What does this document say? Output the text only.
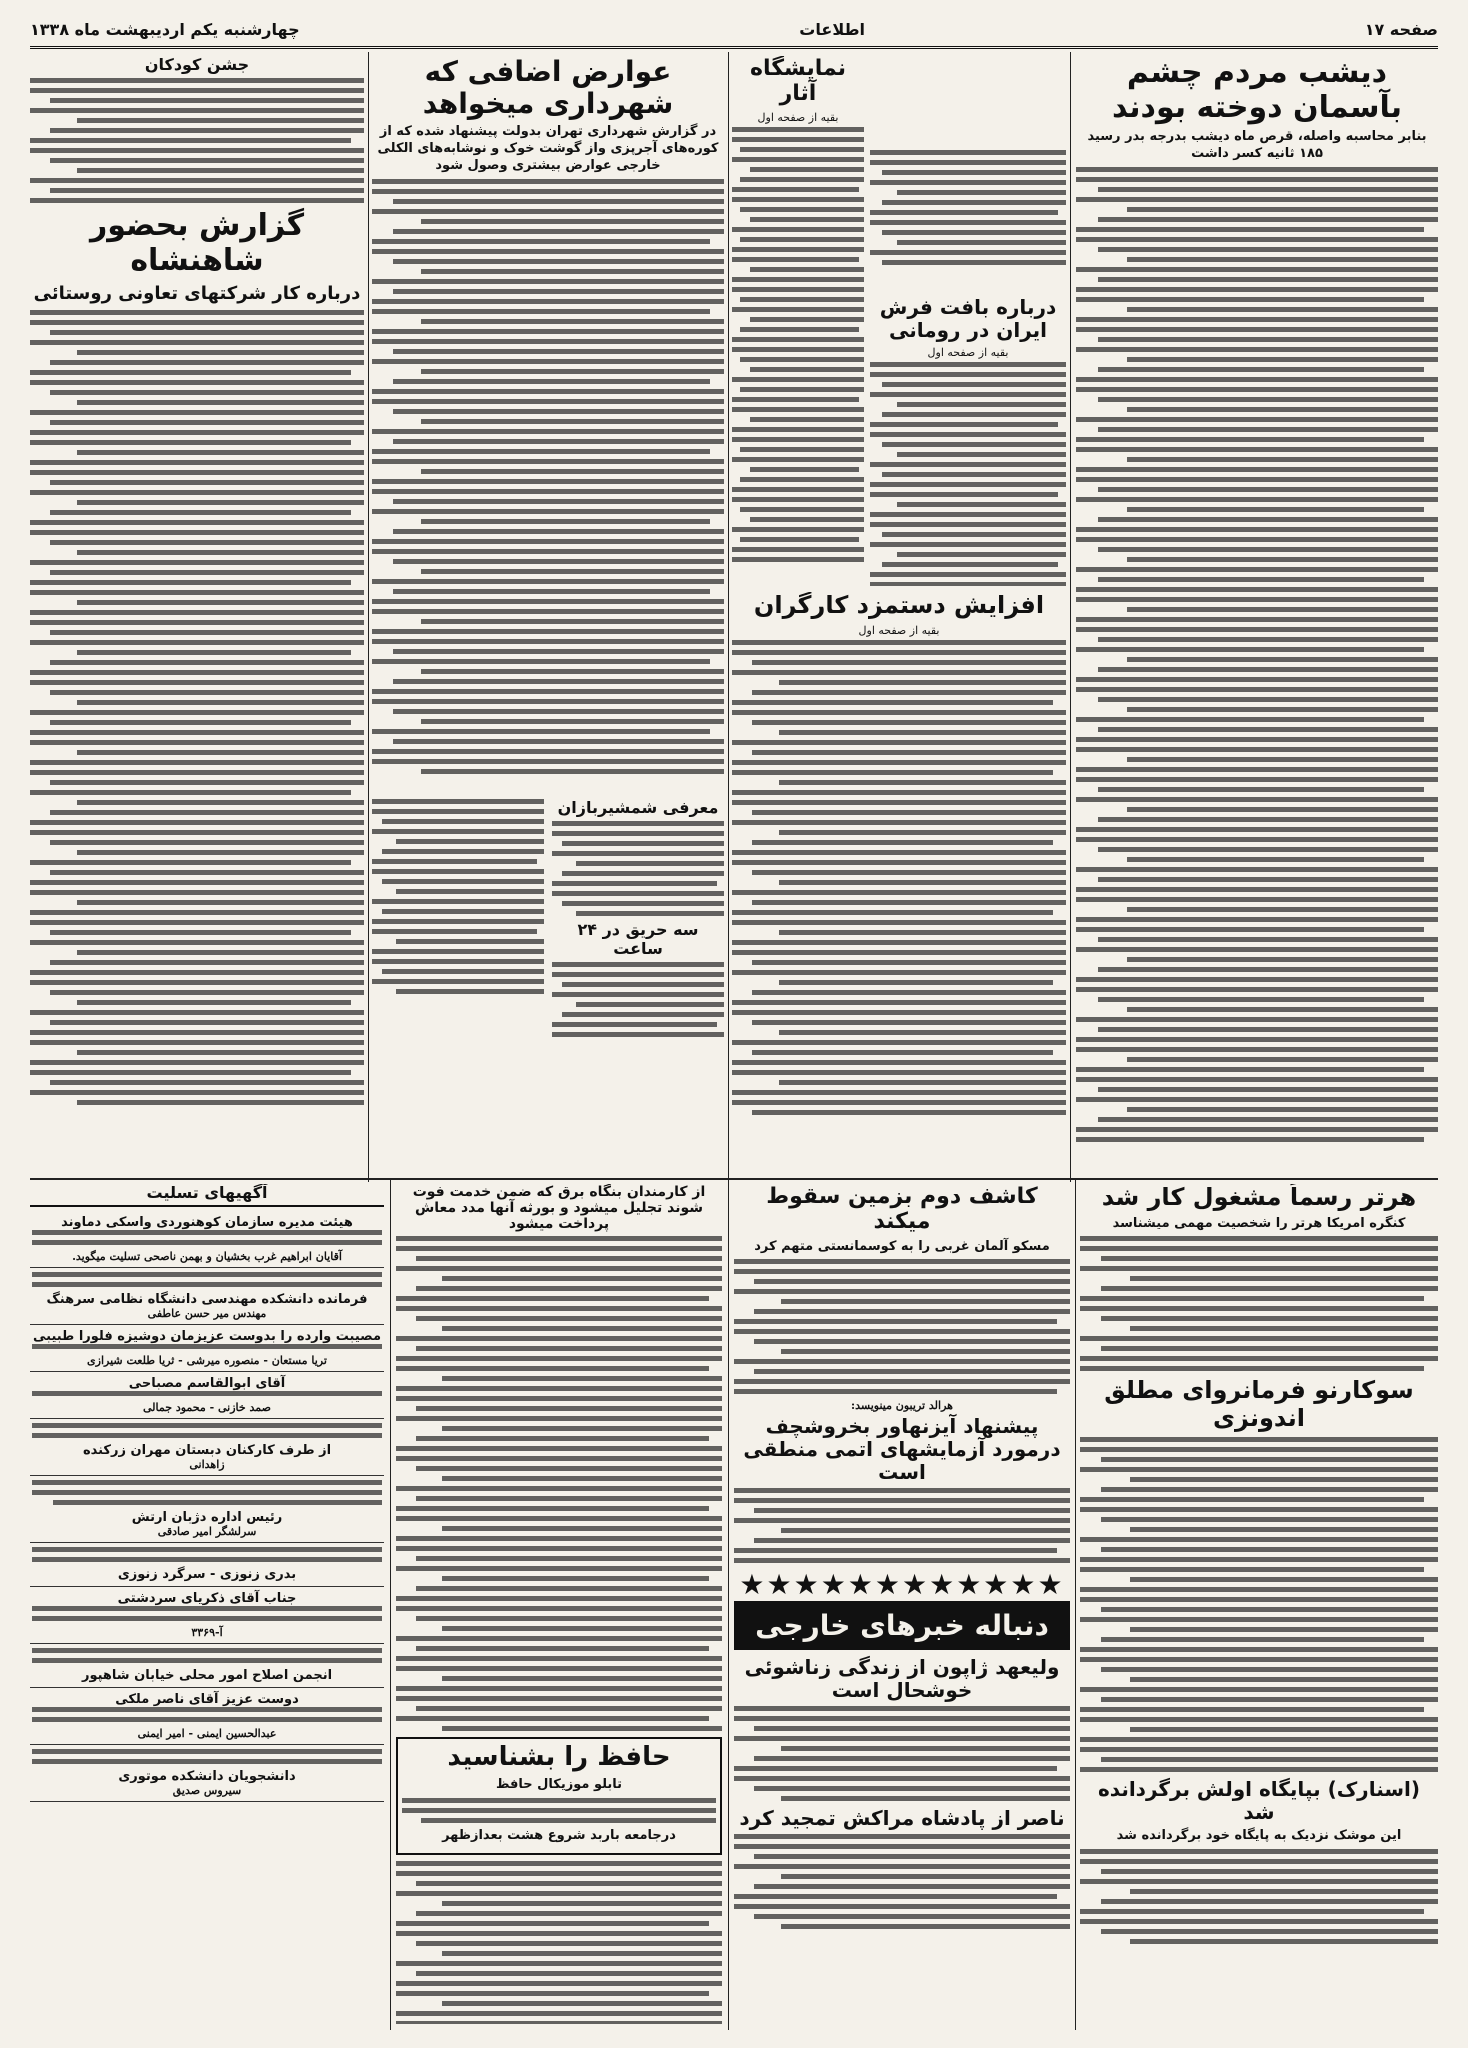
صفحه ۱۷
اطلاعات
چهارشنبه یکم اردیبهشت ماه ۱۳۳۸
دیشب مردم چشم بآسمان دوخته بودند
بنابر محاسبه واصله، قرص ماه دیشب بدرجه بدر رسید ۱۸۵ ثانیه کسر داشت
نمایشگاه آثار
بقیه از صفحه اول
درباره بافت فرش ایران در رومانی
بقیه از صفحه اول
افزایش دستمزد کارگران
بقیه از صفحه اول
عوارض اضافی که شهرداری میخواهد
در گزارش شهرداری تهران بدولت پیشنهاد شده که از کوره‌های آجرپزی واز گوشت خوک و نوشابه‌های الکلی خارجی عوارض بیشتری وصول شود
معرفی شمشیربازان
سه حریق در ۲۴ ساعت
جشن کودکان
گزارش بحضور شاهنشاه
درباره کار شرکتهای تعاونی روستائی
هرتر رسماً مشغول کار شد
کنگره امریکا هرتر را شخصیت مهمی میشناسد
سوکارنو فرمانروای مطلق اندونزی
(اسنارک) بپایگاه اولش برگردانده شد
این موشک نزدیک به پایگاه خود برگردانده شد
کاشف دوم بزمین سقوط میکند
مسکو آلمان غربی را به کوسمانستی متهم کرد
هرالد تریبون مینویسد:
پیشنهاد آیزنهاور بخروشچف درمورد آزمایشهای اتمی منطقی است
★★★★★★★★★★★★
دنباله خبرهای خارجی
ولیعهد ژاپون از زندگی زناشوئی خوشحال است
ناصر از پادشاه مراکش تمجید کرد
از کارمندان بنگاه برق که ضمن خدمت فوت شوند تجلیل میشود و بورثه آنها مدد معاش پرداخت میشود
حافظ را بشناسید
تابلو موزیکال حافظ
درجامعه باربد شروع هشت بعدازظهر
آگهیهای تسلیت
هیئت مدیره سازمان کوهنوردی واسکی دماوند
آقایان ابراهیم غرب بخشیان و بهمن ناصحی تسلیت میگوید.
فرمانده دانشکده مهندسی دانشگاه نظامی سرهنگ
مهندس میر حسن عاطفی
مصیبت وارده را بدوست عزیزمان دوشیزه فلورا طبیبی
تریا مستعان - منصوره میرشی - ثریا طلعت شیرازی
آقای ابوالقاسم مصباحی
صمد خازنی - محمود جمالی
از طرف کارکنان دبستان مهران زرکنده
زاهدانی
رئیس اداره دژبان ارتش
سرلشگر امیر صادقی
بدری زنوزی - سرگرد زنوزی
جناب آقای ذکریای سردشتی
آ-۳۳۶۹
انجمن اصلاح امور محلی خیابان شاهپور
دوست عزیز آقای ناصر ملکی
عبدالحسین ایمنی - امیر ایمنی
دانشجویان دانشکده موتوری
سیروس صدیق
